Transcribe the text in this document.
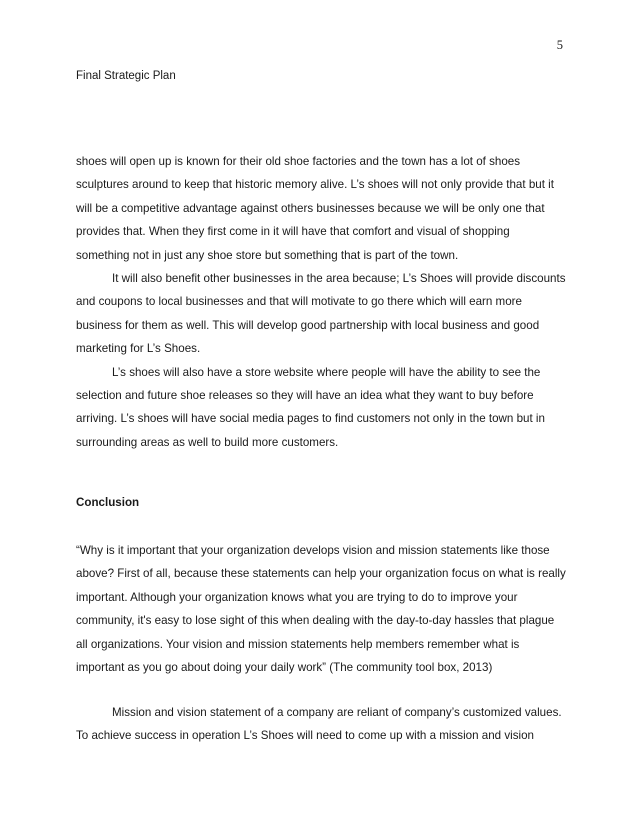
5
Final Strategic Plan
shoes will open up is known for their old shoe factories and the town has a lot of shoes
sculptures around to keep that historic memory alive. L’s shoes will not only provide that but it
will be a competitive advantage against others businesses because we will be only one that
provides that. When they first come in it will have that comfort and visual of shopping
something not in just any shoe store but something that is part of the town.
It will also benefit other businesses in the area because; L’s Shoes will provide discounts
and coupons to local businesses and that will motivate to go there which will earn more
business for them as well. This will develop good partnership with local business and good
marketing for L’s Shoes.
L’s shoes will also have a store website where people will have the ability to see the
selection and future shoe releases so they will have an idea what they want to buy before
arriving. L’s shoes will have social media pages to find customers not only in the town but in
surrounding areas as well to build more customers.
Conclusion
“Why is it important that your organization develops vision and mission statements like those
above? First of all, because these statements can help your organization focus on what is really
important. Although your organization knows what you are trying to do to improve your
community, it's easy to lose sight of this when dealing with the day-to-day hassles that plague
all organizations. Your vision and mission statements help members remember what is
important as you go about doing your daily work” (The community tool box, 2013)
Mission and vision statement of a company are reliant of company’s customized values.
To achieve success in operation L’s Shoes will need to come up with a mission and vision
